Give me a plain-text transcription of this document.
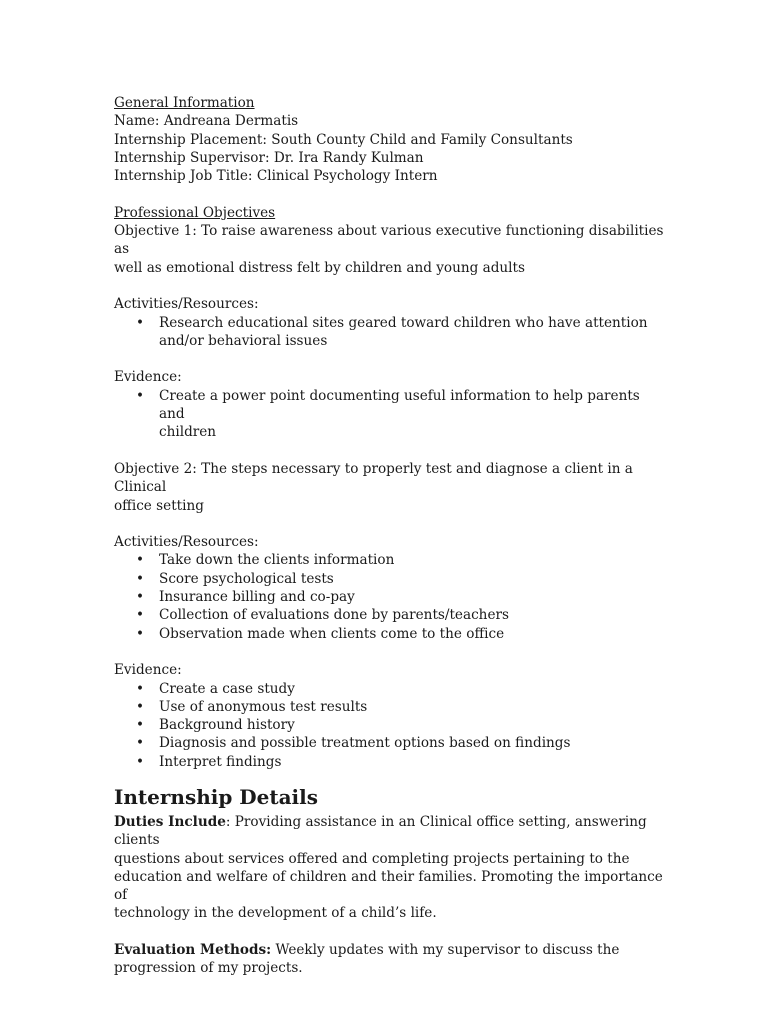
General Information

Name: Andreana Dermatis

Internship Placement: South County Child and Family Consultants

Internship Supervisor: Dr. Ira Randy Kulman

Internship Job Title: Clinical Psychology Intern

Professional Objectives

Objective 1: To raise awareness about various executive functioning disabilities as

well as emotional distress felt by children and young adults

Activities/Resources:

• Research educational sites geared toward children who have attention
and/or behavioral issues

Evidence:

• Create a power point documenting useful information to help parents and
children

Objective 2: The steps necessary to properly test and diagnose a client in a Clinical

office setting

Activities/Resources:

• Take down the clients information
• Score psychological tests
• Insurance billing and co-pay
• Collection of evaluations done by parents/teachers
• Observation made when clients come to the office

Evidence:

• Create a case study
• Use of anonymous test results
• Background history
• Diagnosis and possible treatment options based on findings
• Interpret findings
Internship Details

Duties Include: Providing assistance in an Clinical office setting, answering clients

questions about services offered and completing projects pertaining to the

education and welfare of children and their families. Promoting the importance of

technology in the development of a child’s life.

Evaluation Methods: Weekly updates with my supervisor to discuss the

progression of my projects.
